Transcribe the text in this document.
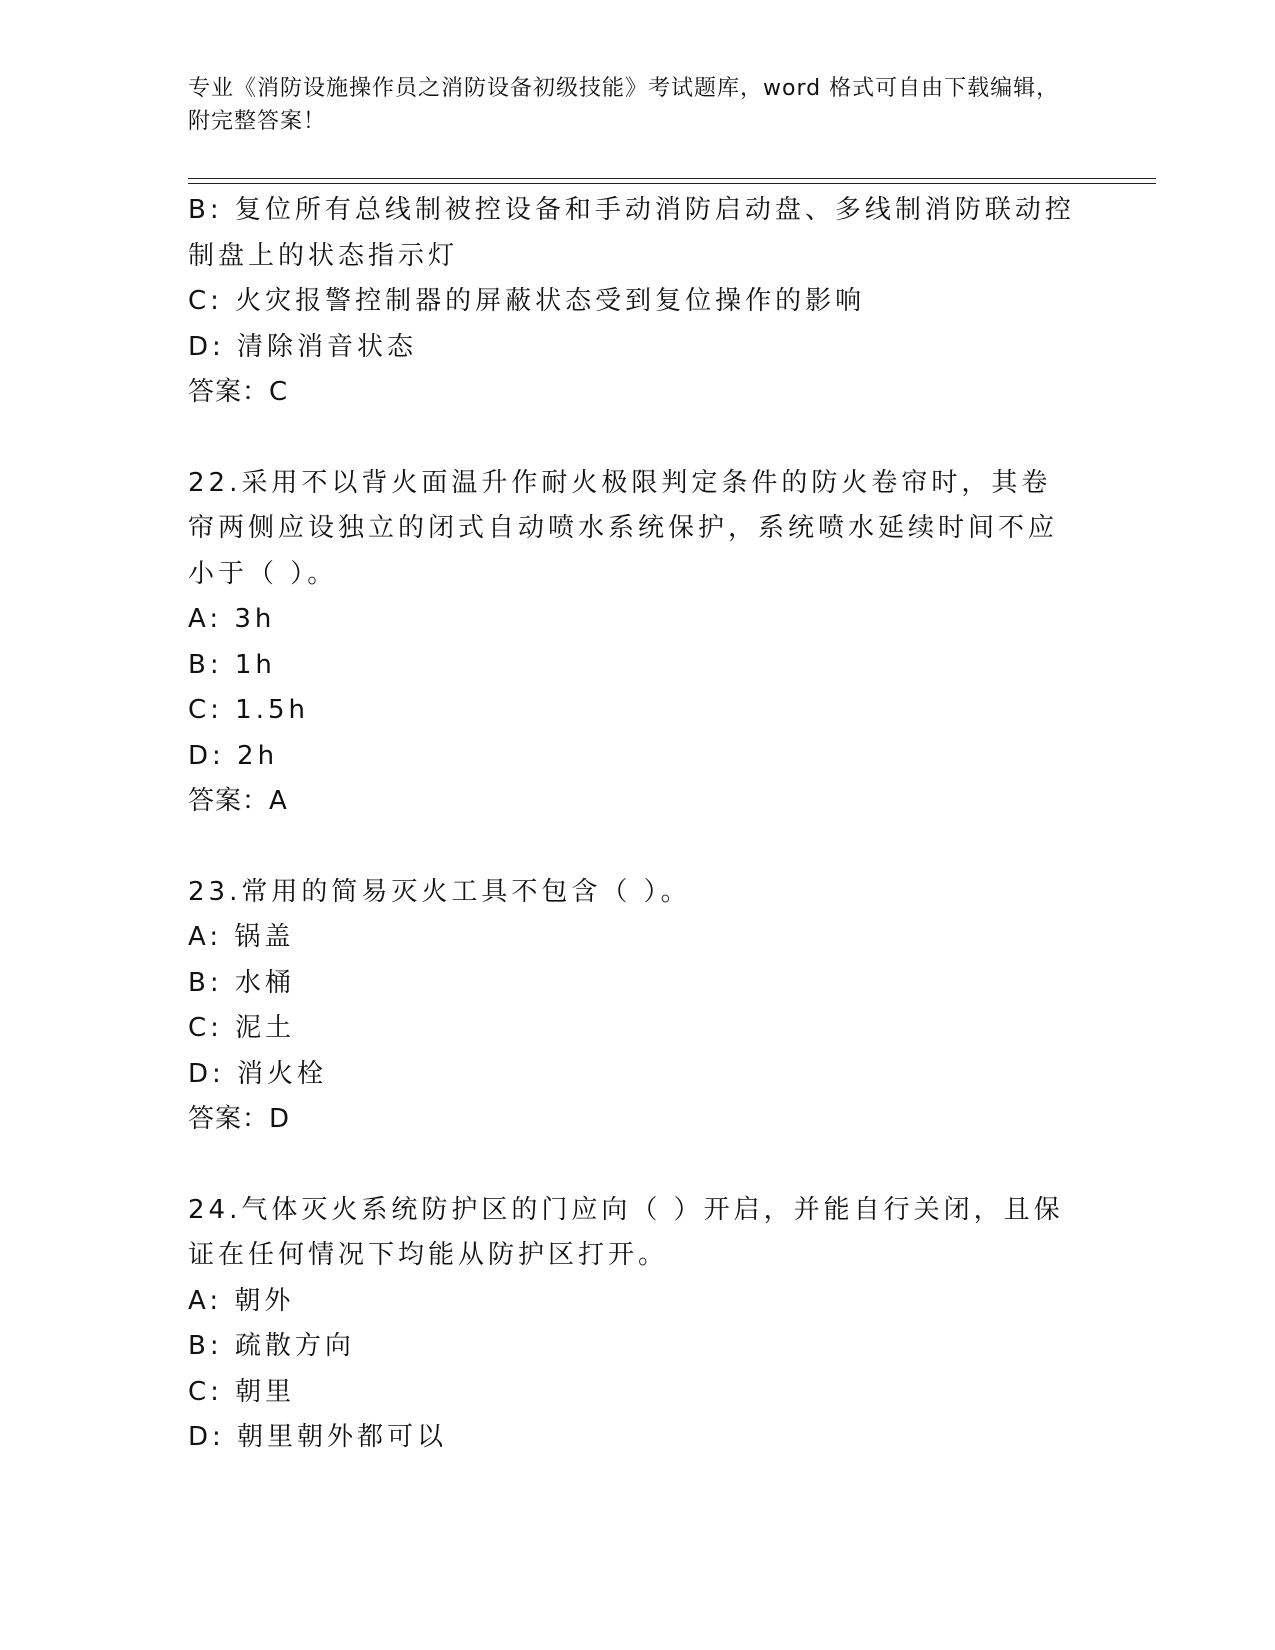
专业《消防设施操作员之消防设备初级技能》考试题库，word 格式可自由下载编辑，附完整答案！
B: 复位所有总线制被控设备和手动消防启动盘、多线制消防联动控制盘上的状态指示灯
C: 火灾报警控制器的屏蔽状态受到复位操作的影响
D: 清除消音状态
答案：C
22.采用不以背火面温升作耐火极限判定条件的防火卷帘时，其卷帘两侧应设独立的闭式自动喷水系统保护，系统喷水延续时间不应小于（ ）。
A: 3h
B: 1h
C: 1.5h
D: 2h
答案：A
23.常用的简易灭火工具不包含（ ）。
A: 锅盖
B: 水桶
C: 泥土
D: 消火栓
答案：D
24.气体灭火系统防护区的门应向（ ）开启，并能自行关闭，且保证在任何情况下均能从防护区打开。
A: 朝外
B: 疏散方向
C: 朝里
D: 朝里朝外都可以
